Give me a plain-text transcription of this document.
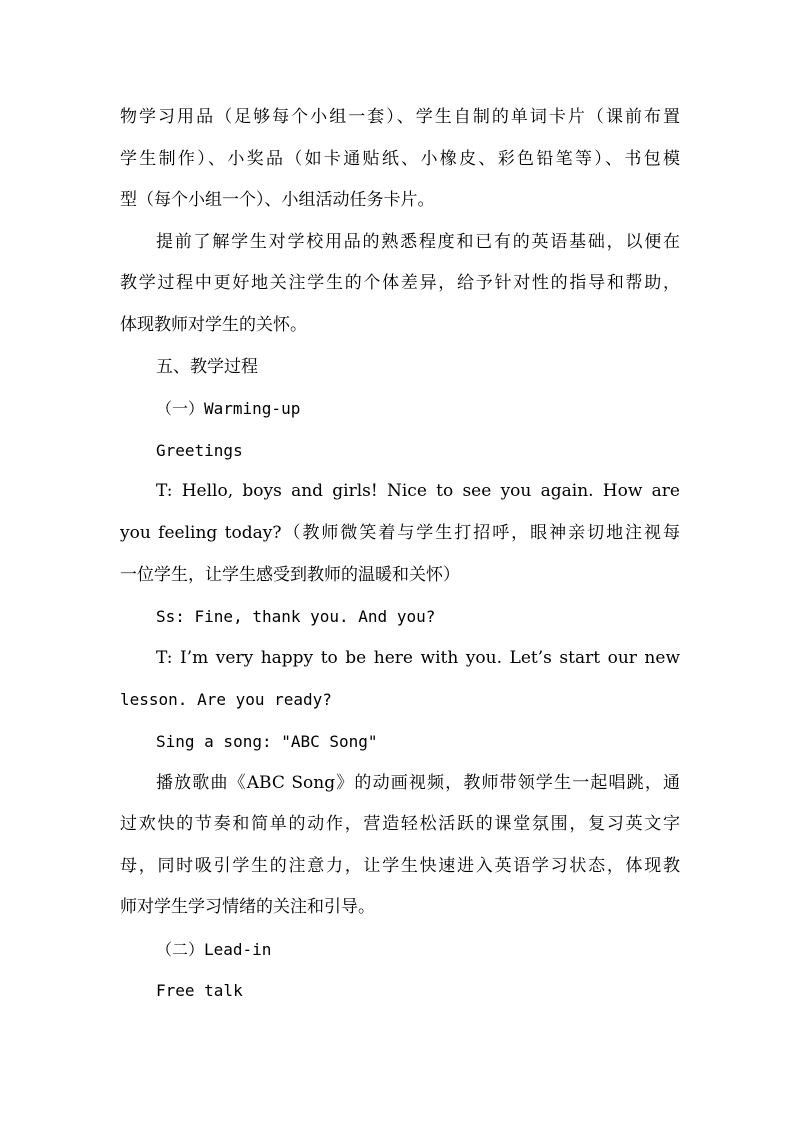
物学习用品（足够每个小组一套）、学生自制的单词卡片（课前布置
学生制作）、小奖品（如卡通贴纸、小橡皮、彩色铅笔等）、书包模
型（每个小组一个）、小组活动任务卡片。
提前了解学生对学校用品的熟悉程度和已有的英语基础，以便在
教学过程中更好地关注学生的个体差异，给予针对性的指导和帮助，
体现教师对学生的关怀。
五、教学过程
（一）Warming-up
Greetings
T: Hello, boys and girls! Nice to see you again. How are
you feeling today?（教师微笑着与学生打招呼，眼神亲切地注视每
一位学生，让学生感受到教师的温暖和关怀）
Ss: Fine, thank you. And you?
T: I’m very happy to be here with you. Let’s start our new
lesson. Are you ready?
Sing a song: "ABC Song"
播放歌曲《ABC Song》的动画视频，教师带领学生一起唱跳，通
过欢快的节奏和简单的动作，营造轻松活跃的课堂氛围，复习英文字
母，同时吸引学生的注意力，让学生快速进入英语学习状态，体现教
师对学生学习情绪的关注和引导。
（二）Lead-in
Free talk
